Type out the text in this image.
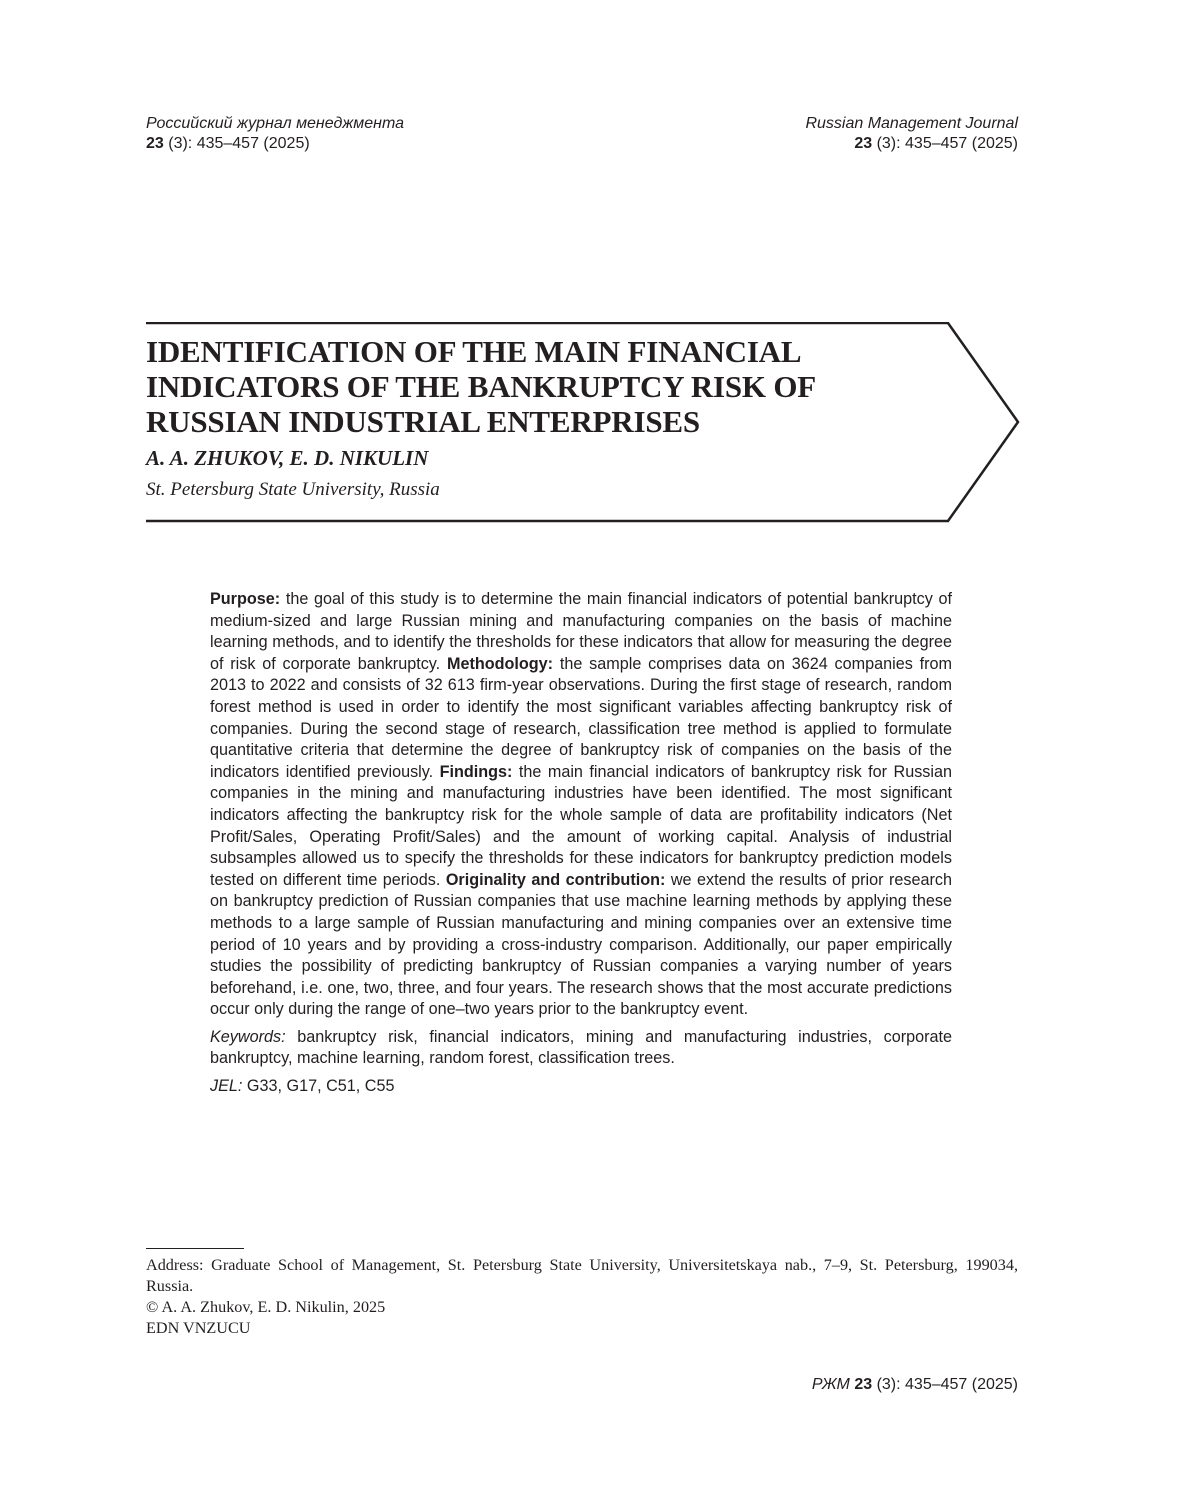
Российский журнал менеджмента
23 (3): 435–457 (2025)
Russian Management Journal
23 (3): 435–457 (2025)
IDENTIFICATION OF THE MAIN FINANCIAL INDICATORS OF THE BANKRUPTCY RISK OF RUSSIAN INDUSTRIAL ENTERPRISES
A. A. ZHUKOV, E. D. NIKULIN
St. Petersburg State University, Russia

Purpose: the goal of this study is to determine the main financial indicators of potential bankruptcy of medium-sized and large Russian mining and manufacturing companies on the basis of machine learning methods, and to identify the thresholds for these indicators that allow for measuring the degree of risk of corporate bankruptcy. Methodology: the sample comprises data on 3624 companies from 2013 to 2022 and consists of 32 613 firm-year observations. During the first stage of research, random forest method is used in order to identify the most significant variables affecting bankruptcy risk of companies. During the second stage of research, classification tree method is applied to formulate quantitative criteria that determine the degree of bankruptcy risk of companies on the basis of the indicators identified previously. Findings: the main financial indicators of bankruptcy risk for Russian companies in the mining and manufacturing industries have been identified. The most significant indicators affecting the bankruptcy risk for the whole sample of data are profitability indicators (Net Profit/Sales, Operating Profit/Sales) and the amount of working capital. Analysis of industrial subsamples allowed us to specify the thresholds for these indicators for bankruptcy prediction models tested on different time periods. Originality and contribution: we extend the results of prior research on bankruptcy prediction of Russian companies that use machine learning methods by applying these methods to a large sample of Russian manufacturing and mining companies over an extensive time period of 10 years and by providing a cross-industry comparison. Additionally, our paper empirically studies the possibility of predicting bankruptcy of Russian companies a varying number of years beforehand, i.e. one, two, three, and four years. The research shows that the most accurate predictions occur only during the range of one–two years prior to the bankruptcy event.

Keywords: bankruptcy risk, financial indicators, mining and manufacturing industries, corporate bankruptcy, machine learning, random forest, classification trees.

JEL: G33, G17, C51, C55

Address: Graduate School of Management, St. Petersburg State University, Universitetskaya nab., 7–9, St. Petersburg, 199034, Russia.
© A. A. Zhukov, E. D. Nikulin, 2025
EDN VNZUCU
РЖМ 23 (3): 435–457 (2025)
